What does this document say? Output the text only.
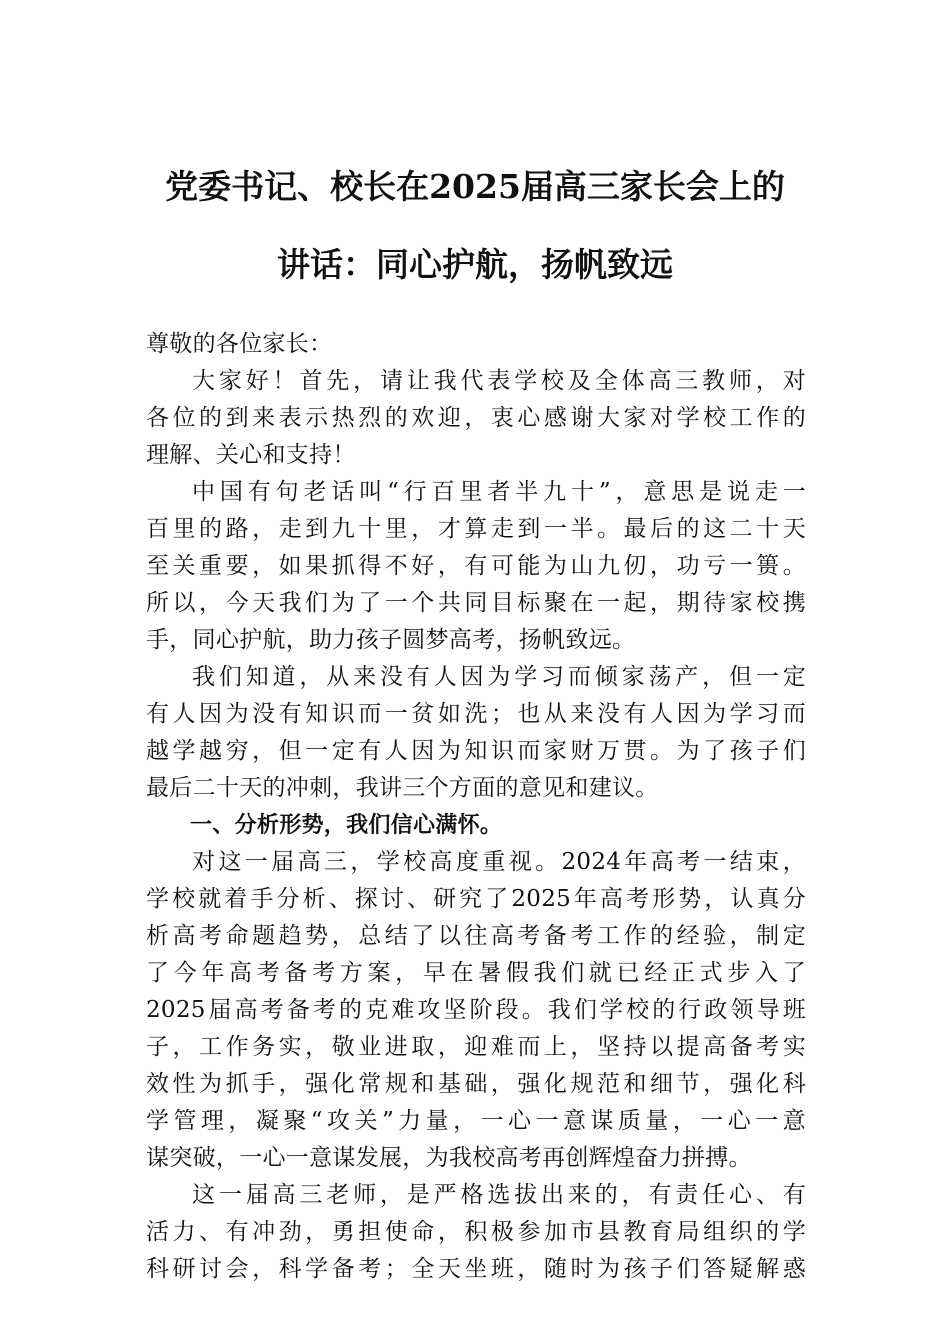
党委书记、校长在2025届高三家长会上的
讲话：同心护航，扬帆致远

尊敬的各位家长：

大家好！首先，请让我代表学校及全体高三教师，对
各位的到来表示热烈的欢迎，衷心感谢大家对学校工作的
理解、关心和支持！

中国有句老话叫“行百里者半九十”，意思是说走一
百里的路，走到九十里，才算走到一半。最后的这二十天
至关重要，如果抓得不好，有可能为山九仞，功亏一篑。
所以，今天我们为了一个共同目标聚在一起，期待家校携
手，同心护航，助力孩子圆梦高考，扬帆致远。

我们知道，从来没有人因为学习而倾家荡产，但一定
有人因为没有知识而一贫如洗；也从来没有人因为学习而
越学越穷，但一定有人因为知识而家财万贯。为了孩子们
最后二十天的冲刺，我讲三个方面的意见和建议。

一、分析形势，我们信心满怀。

对这一届高三，学校高度重视。2024年高考一结束，
学校就着手分析、探讨、研究了2025年高考形势，认真分
析高考命题趋势，总结了以往高考备考工作的经验，制定
了今年高考备考方案，早在暑假我们就已经正式步入了
2025届高考备考的克难攻坚阶段。我们学校的行政领导班
子，工作务实，敬业进取，迎难而上，坚持以提高备考实
效性为抓手，强化常规和基础，强化规范和细节，强化科
学管理，凝聚“攻关”力量，一心一意谋质量，一心一意
谋突破，一心一意谋发展，为我校高考再创辉煌奋力拼搏。

这一届高三老师，是严格选拔出来的，有责任心、有
活力、有冲劲，勇担使命，积极参加市县教育局组织的学
科研讨会，科学备考；全天坐班，随时为孩子们答疑解惑
